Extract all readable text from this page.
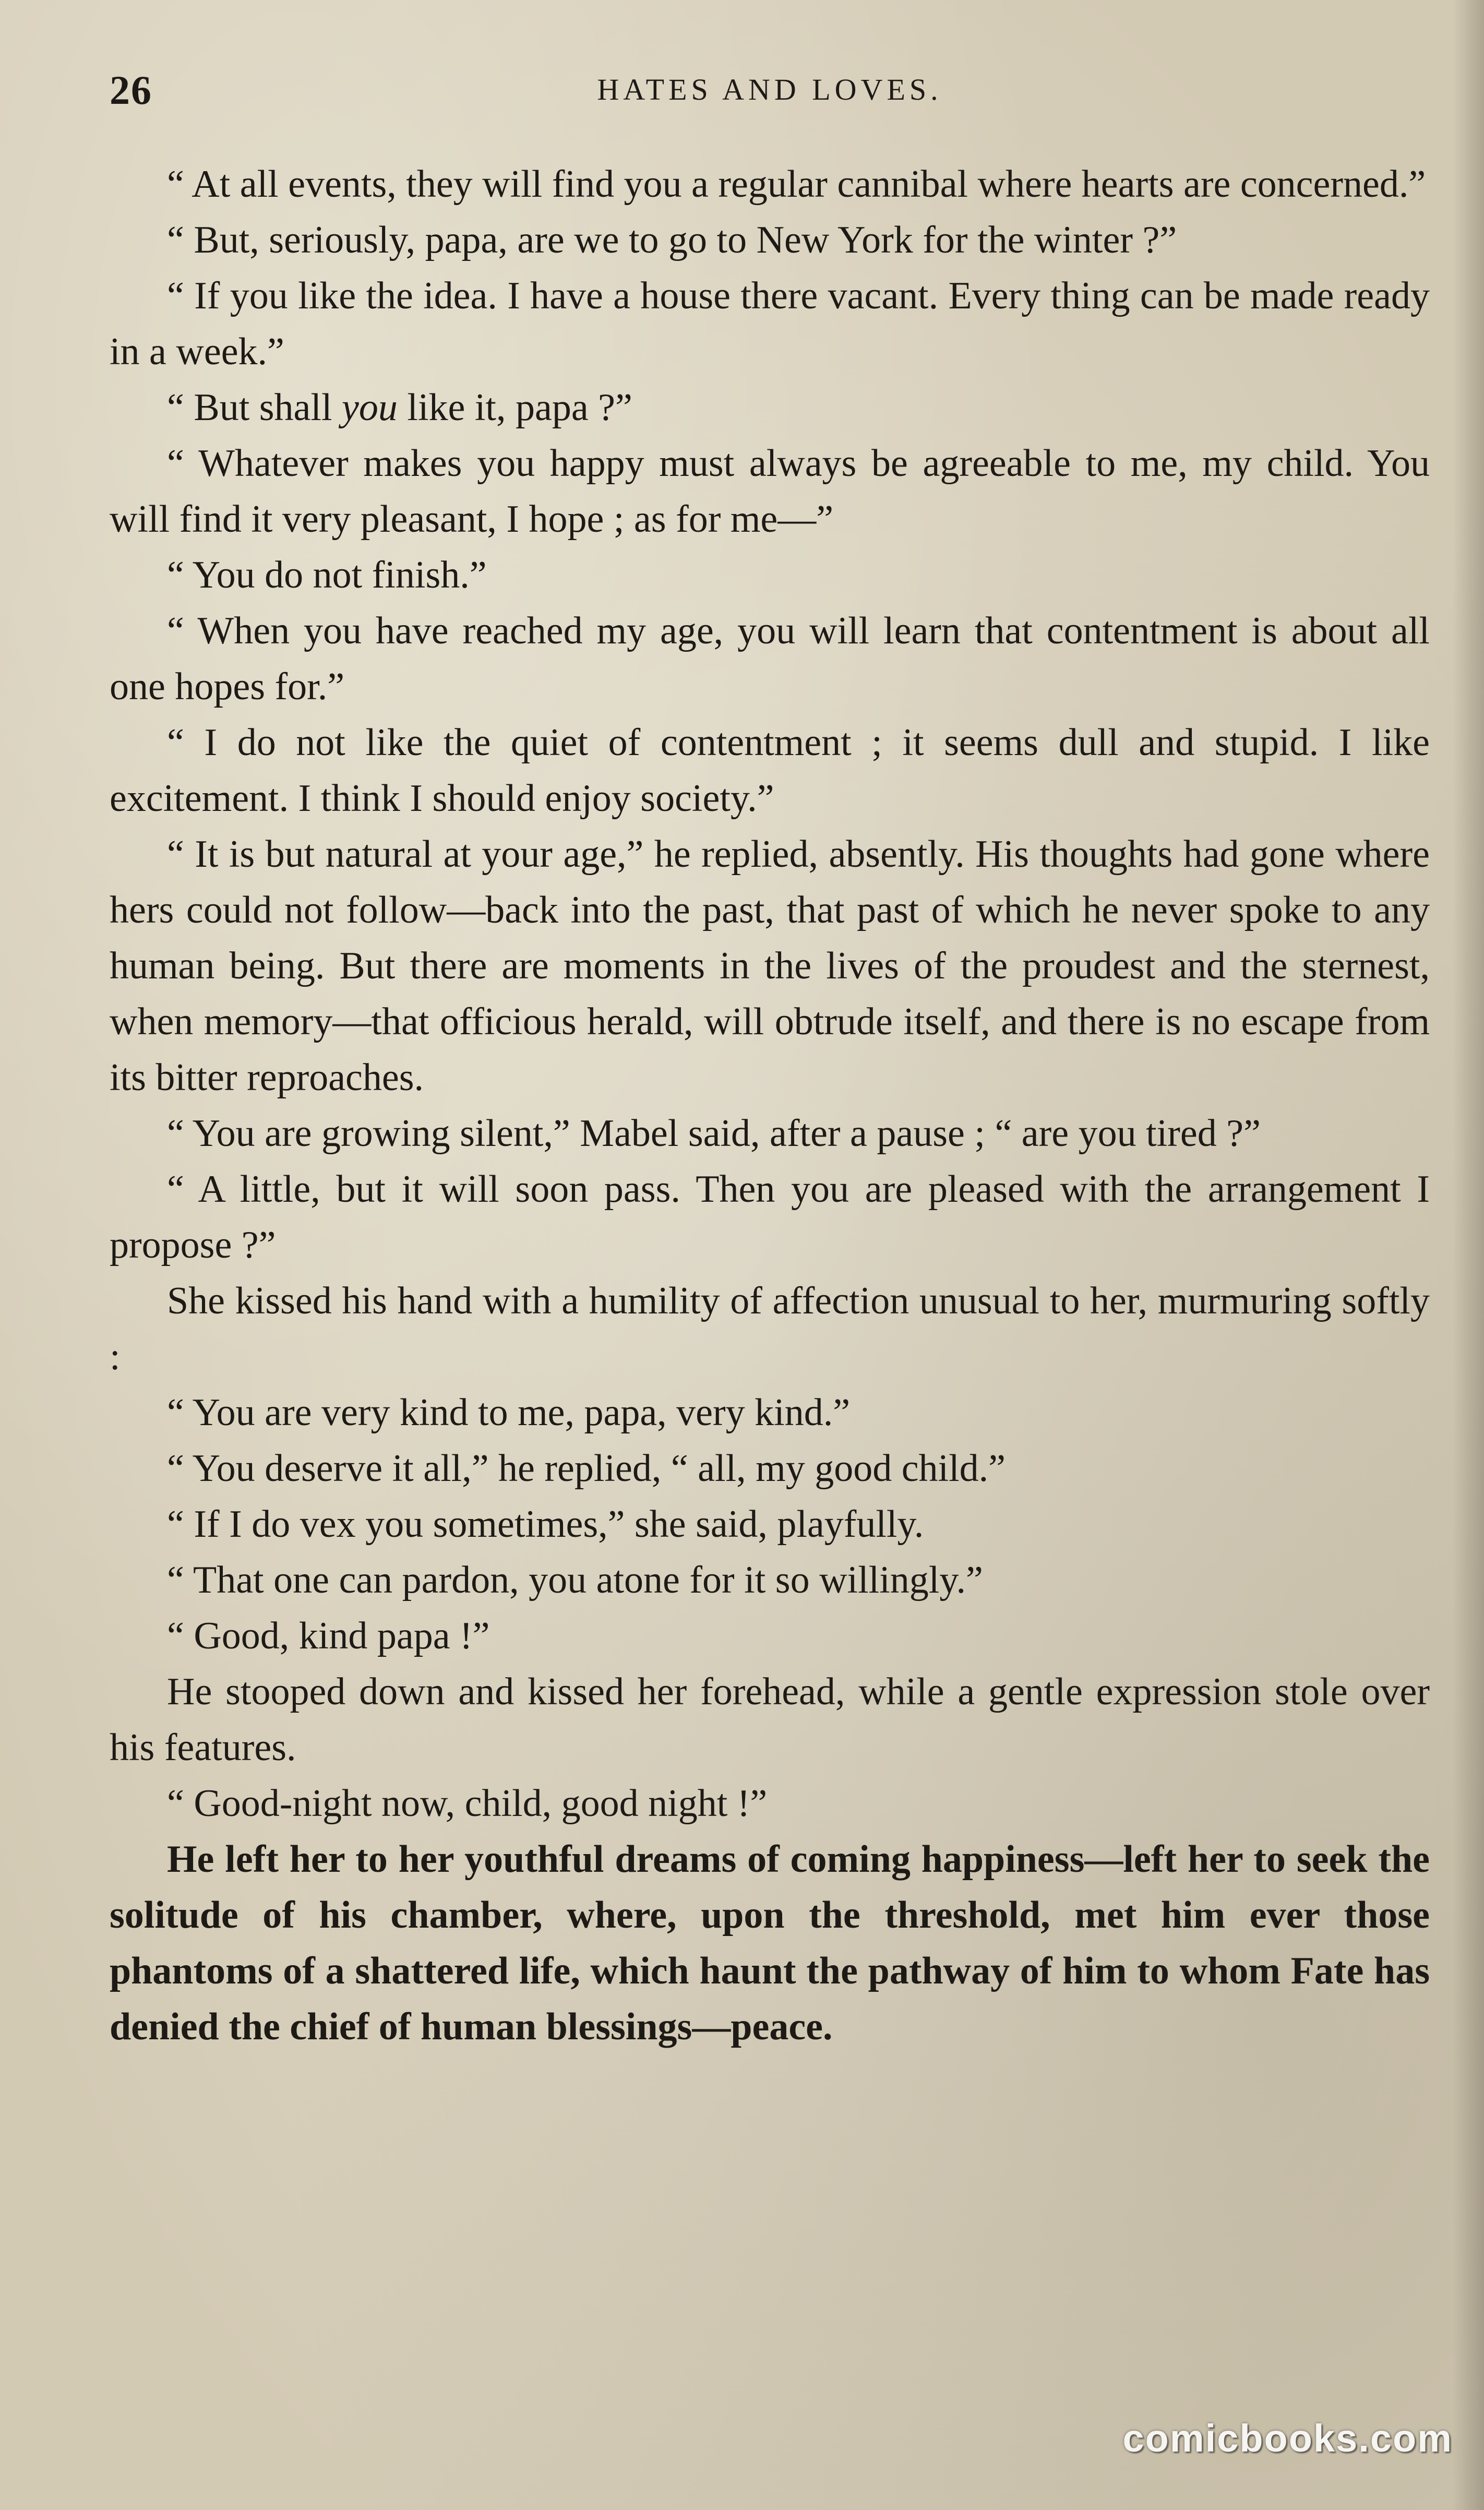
26	HATES AND LOVES.

“ At all events, they will find you a regular cannibal where hearts are concerned.”

“ But, seriously, papa, are we to go to New York for the winter ?”

“ If you like the idea. I have a house there vacant. Every thing can be made ready in a week.”

“ But shall you like it, papa ?”

“ Whatever makes you happy must always be agreeable to me, my child. You will find it very pleasant, I hope ; as for me—”

“ You do not finish.”

“ When you have reached my age, you will learn that contentment is about all one hopes for.”

“ I do not like the quiet of contentment ; it seems dull and stupid. I like excitement. I think I should enjoy society.”

“ It is but natural at your age,” he replied, absently. His thoughts had gone where hers could not follow—back into the past, that past of which he never spoke to any human being. But there are moments in the lives of the proudest and the sternest, when memory—that officious herald, will obtrude itself, and there is no escape from its bitter reproaches.

“ You are growing silent,” Mabel said, after a pause ; “ are you tired ?”

“ A little, but it will soon pass. Then you are pleased with the arrangement I propose ?”

She kissed his hand with a humility of affection unusual to her, murmuring softly :

“ You are very kind to me, papa, very kind.”

“ You deserve it all,” he replied, “ all, my good child.”

“ If I do vex you sometimes,” she said, playfully.

“ That one can pardon, you atone for it so willingly.”

“ Good, kind papa !”

He stooped down and kissed her forehead, while a gentle expression stole over his features.

“ Good-night now, child, good night !”

He left her to her youthful dreams of coming happiness—left her to seek the solitude of his chamber, where, upon the threshold, met him ever those phantoms of a shattered life, which haunt the pathway of him to whom Fate has denied the chief of human blessings—peace.

comicbooks.com
